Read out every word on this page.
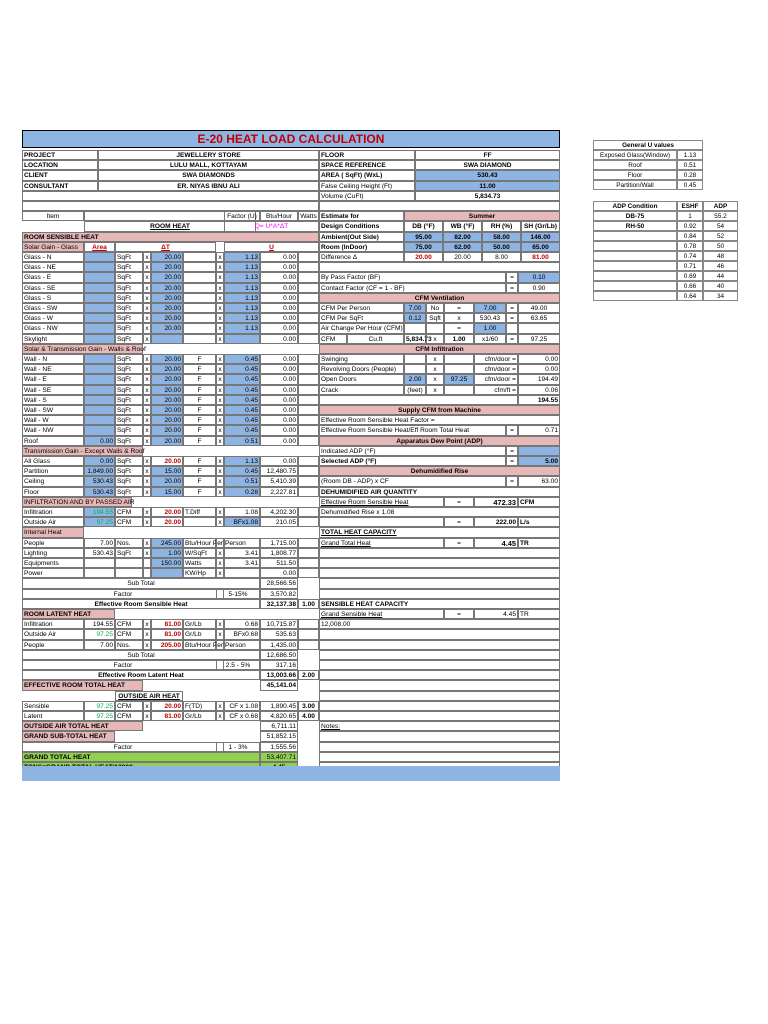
E-20 HEAT LOAD CALCULATION
PROJECT	JEWELLERY STORE
LOCATION	LULU MALL, KOTTAYAM
CLIENT	SWA DIAMONDS
CONSULTANT	ER. NIYAS IBNU ALI
FLOOR	FF
SPACE REFERENCE	SWA DIAMOND
AREA ( SqFt) (WxL)	530.43
False Ceiling Height (Ft)	11.00
Volume (CuFt)	5,834.73
Item	Factor (U)	Btu/Hour	Watts
ROOM HEAT	Q= U*A*ΔT
ROOM SENSIBLE HEAT
Solar Gain - Glass	Area	ΔT	U
Glass - N	SqFt	x	20.00	x	1.13	0.00
Glass - NE	SqFt	x	20.00	x	1.13	0.00
Glass - E	SqFt	x	20.00	x	1.13	0.00
Glass - SE	SqFt	x	20.00	x	1.13	0.00
Glass - S	SqFt	x	20.00	x	1.13	0.00
Glass - SW	SqFt	x	20.00	x	1.13	0.00
Glass - W	SqFt	x	20.00	x	1.13	0.00
Glass - NW	SqFt	x	20.00	x	1.13	0.00
Skylight	SqFt	x	x	0.00
Solar & Transmission Gain - Walls & Roof
Wall - N	SqFt	x	20.00	F	x	0.45	0.00
Wall - NE	SqFt	x	20.00	F	x	0.45	0.00
Wall - E	SqFt	x	20.00	F	x	0.45	0.00
Wall - SE	SqFt	x	20.00	F	x	0.45	0.00
Wall - S	SqFt	x	20.00	F	x	0.45	0.00
Wall - SW	SqFt	x	20.00	F	x	0.45	0.00
Wall - W	SqFt	x	20.00	F	x	0.45	0.00
Wall - NW	SqFt	x	20.00	F	x	0.45	0.00
Roof	0.00 SqFt	x	20.00	F	x	0.51	0.00
Transmission Gain - Except Walls & Roof
All Glass	0.00 SqFt	x	20.00	F	x	1.13	0.00
Partition	1,849.00 SqFt	x	15.00	F	x	0.45	12,480.75
Ceiling	530.43 SqFt	x	20.00	F	x	0.51	5,410.39
Floor	530.43 SqFt	x	15.00	F	x	0.28	2,227.81
INFILTRATION AND BY PASSED AIR
Infiltration	194.55 CFM	x	20.00 T.Diff	x	1.08	4,202.30
Outside Air	97.25 CFM	x	20.00	x	BFx1.08	210.05
Internal Heat
People	7.00 Nos.	x	245.00 Btu/Hour Per Person	1,715.00
Lighting	530.43 SqFt	x	1.00 W/SqFt	x	3.41	1,808.77
Equipments	150.00 Watts	x	3.41	511.50
Power	KW/Hp	x	0.00
Sub Total	28,566.56
Factor	5-15%	3,570.82
Effective Room Sensible Heat	32,137.38 1.00
ROOM LATENT HEAT
Infiltration	194.55 CFM	x	81.00 Gr/Lb	x	0.68	10,715.87
Outside Air	97.25 CFM	x	81.00 Gr/Lb	x	BFx0.68	535.63
People	7.00 Nos.	x	205.00 Btu/Hour Per Person	1,435.00
Sub Total	12,686.50
Factor	2.5 - 5%	317.16
Effective Room Latent Heat	13,003.66 2.00
EFFECTIVE ROOM TOTAL HEAT	45,141.04
OUTSIDE AIR HEAT
Sensible	97.25 CFM	x	20.00 F(TD)	x	CF x 1.08	1,890.45 3.00
Latent	97.25 CFM	x	81.00 Gr/Lb	x	CF x 0.68	4,820.65 4.00
OUTSIDE AIR TOTAL HEAT	6,711.11
GRAND SUB-TOTAL HEAT	51,852.15
Factor	1 - 3%	1,555.56
GRAND TOTAL HEAT	53,407.71
Estimate for	Summer
Design Conditions	DB (°F)	WB (°F)	RH (%)	SH (Gr/Lb)
Ambient(Out Side)	95.00	82.00	58.00	146.00
Room (InDoor)	75.00	62.00	50.00	65.00
Difference Δ	20.00	20.00	8.00	81.00
By Pass Factor (BF)	=	0.10
Contact Factor (CF = 1 - BF)	=	0.90
CFM Ventilation
CFM Per Person	7.00	No	=	7.00	=	49.00
CFM Per SqFt	0.12	Sqft	x	530.43	=	63.65
Air Change Per Hour (CFM)	=	1.00
CFM	Cu.ft	5,834.73 x	1.00	x1/60	=	97.25
CFM Infiltration
Swinging	x	cfm/door =	0.00
Revolving Doors (People)	x	cfm/door =	0.00
Open Doors	2.00	x	97.25	cfm/door =	194.49
Crack	(feet)	x	cfm/ft =	0.06
194.55
Supply CFM from Machine
Effective Room Sensible Heat Factor =
Effective Room Sensible Heat/Eff Room Total Heat	=	0.71
Apparatus Dew Point (ADP)
Indicated ADP (°F)	=
Selected ADP (°F)	=	5.00
Dehumidified Rise
(Room DB - ADP) x CF	=	63.00
DEHUMIDIFIED AIR QUANTITY
Effective Room Sensible Heat	=	472.33 CFM
Dehumidified Rise x 1.08
=	222.00 L/s
TOTAL HEAT CAPACITY
Grand Total Heat	=	4.45 TR
SENSIBLE HEAT CAPACITY
Grand Sensible Heat	=	4.45 TR
12,008.00
Notes:
General U values
Exposed Glass(Window)	1.13
Roof	0.51
Floor	0.28
Partition/Wall	0.45
ADP Condition	ESHF	ADP
DB-75	1	55.2
RH-50	0.92	54
0.84	52
0.78	50
0.74	48
0.71	46
0.69	44
0.66	40
0.64	34
